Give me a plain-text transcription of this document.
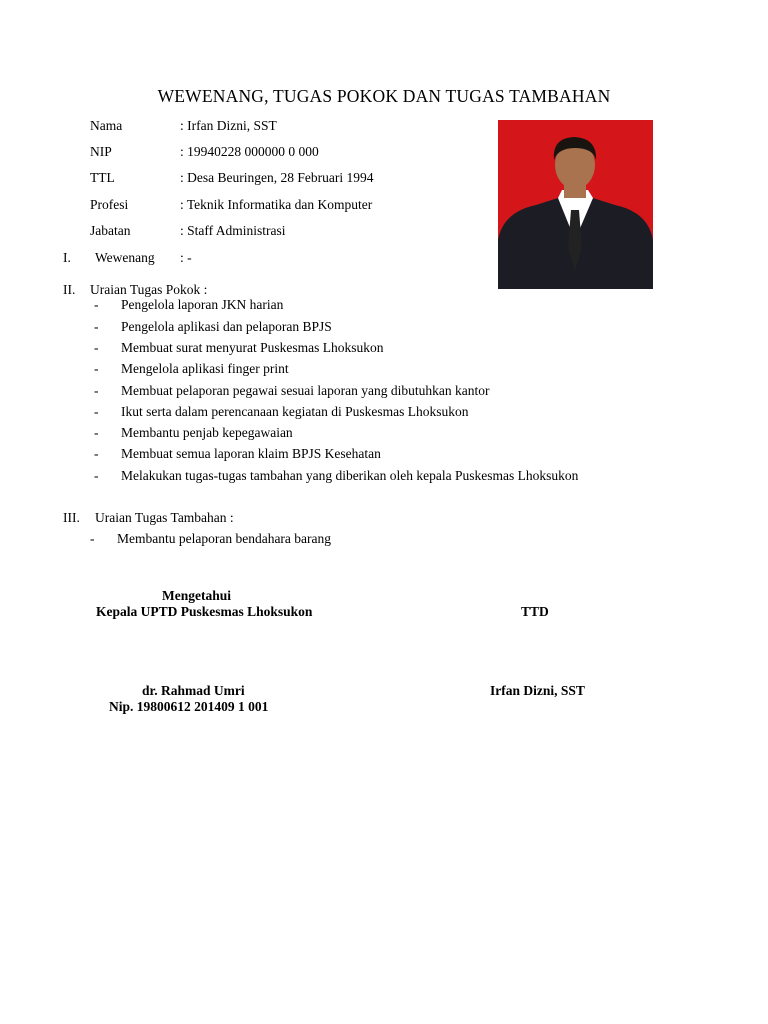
WEWENANG, TUGAS POKOK DAN TUGAS TAMBAHAN
Nama	: Irfan Dizni, SST
NIP	: 19940228 000000 0 000
TTL	: Desa Beuringen, 28 Februari 1994
Profesi	: Teknik Informatika dan Komputer
Jabatan	: Staff Administrasi
I. Wewenang : -
II. Uraian Tugas Pokok :
- Pengelola laporan JKN harian
- Pengelola aplikasi dan pelaporan BPJS
- Membuat surat menyurat Puskesmas Lhoksukon
- Mengelola aplikasi finger print
- Membuat pelaporan pegawai sesuai laporan yang dibutuhkan kantor
- Ikut serta dalam perencanaan kegiatan di Puskesmas Lhoksukon
- Membantu penjab kepegawaian
- Membuat semua laporan klaim BPJS Kesehatan
- Melakukan tugas-tugas tambahan yang diberikan oleh kepala Puskesmas Lhoksukon
III. Uraian Tugas Tambahan :
- Membantu pelaporan bendahara barang
Mengetahui
Kepala UPTD Puskesmas Lhoksukon	TTD
dr. Rahmad Umri	Irfan Dizni, SST
Nip. 19800612 201409 1 001
